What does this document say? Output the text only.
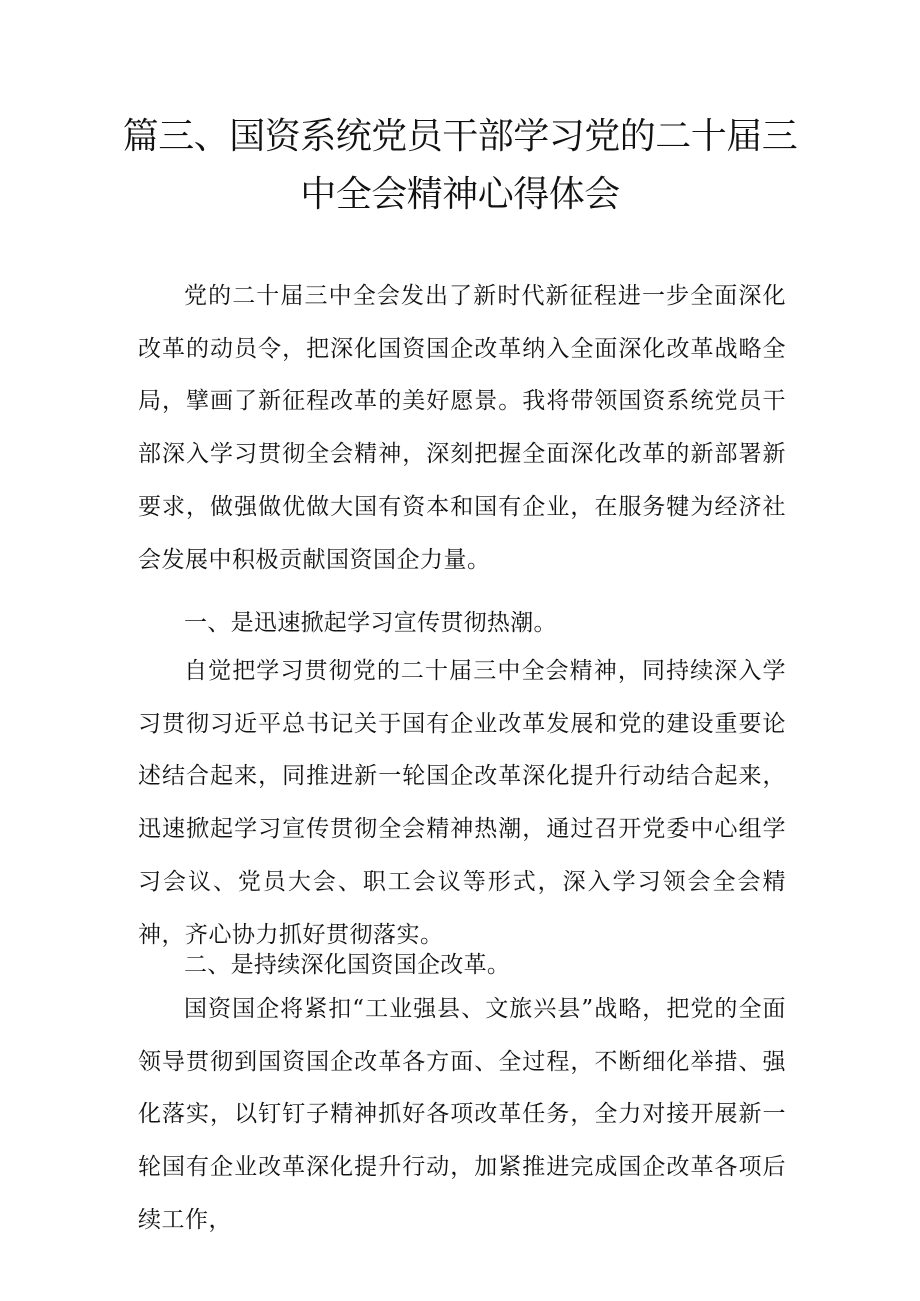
篇三、国资系统党员干部学习党的二十届三
中全会精神心得体会

党的二十届三中全会发出了新时代新征程进一步全面深化改革的动员令，把深化国资国企改革纳入全面深化改革战略全局，擘画了新征程改革的美好愿景。我将带领国资系统党员干部深入学习贯彻全会精神，深刻把握全面深化改革的新部署新要求，做强做优做大国有资本和国有企业，在服务犍为经济社会发展中积极贡献国资国企力量。

一、是迅速掀起学习宣传贯彻热潮。

自觉把学习贯彻党的二十届三中全会精神，同持续深入学习贯彻习近平总书记关于国有企业改革发展和党的建设重要论述结合起来，同推进新一轮国企改革深化提升行动结合起来，迅速掀起学习宣传贯彻全会精神热潮，通过召开党委中心组学习会议、党员大会、职工会议等形式，深入学习领会全会精神，齐心协力抓好贯彻落实。

二、是持续深化国资国企改革。

国资国企将紧扣“工业强县、文旅兴县”战略，把党的全面领导贯彻到国资国企改革各方面、全过程，不断细化举措、强化落实，以钉钉子精神抓好各项改革任务，全力对接开展新一轮国有企业改革深化提升行动，加紧推进完成国企改革各项后续工作，
